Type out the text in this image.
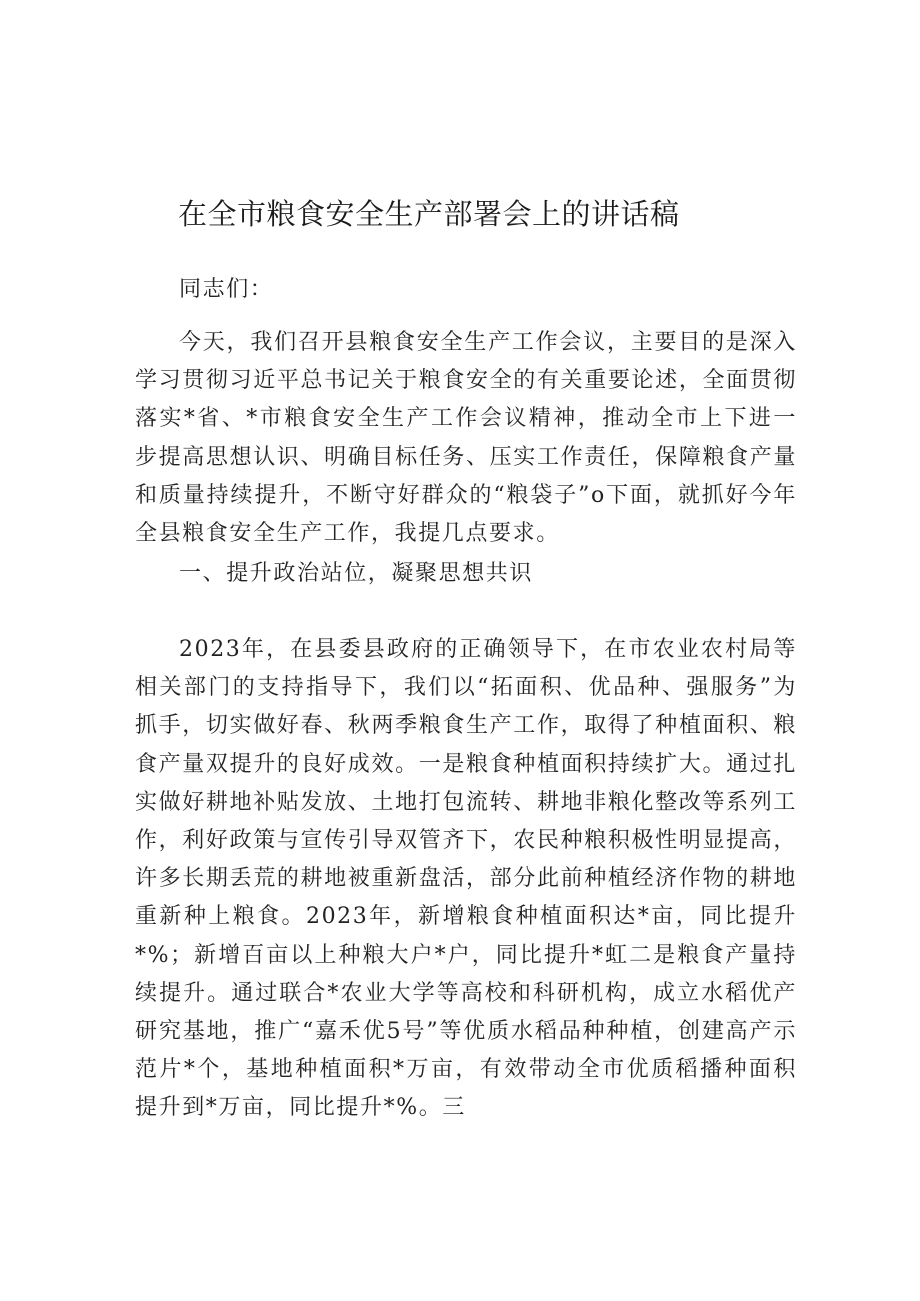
在全市粮食安全生产部署会上的讲话稿

同志们：

今天，我们召开县粮食安全生产工作会议，主要目的是深入学习贯彻习近平总书记关于粮食安全的有关重要论述，全面贯彻落实*省、*市粮食安全生产工作会议精神，推动全市上下进一步提高思想认识、明确目标任务、压实工作责任，保障粮食产量和质量持续提升，不断守好群众的“粮袋子”o下面，就抓好今年全县粮食安全生产工作，我提几点要求。

一、提升政治站位，凝聚思想共识

2023年，在县委县政府的正确领导下，在市农业农村局等相关部门的支持指导下，我们以“拓面积、优品种、强服务”为抓手，切实做好春、秋两季粮食生产工作，取得了种植面积、粮食产量双提升的良好成效。一是粮食种植面积持续扩大。通过扎实做好耕地补贴发放、土地打包流转、耕地非粮化整改等系列工作，利好政策与宣传引导双管齐下，农民种粮积极性明显提高，许多长期丢荒的耕地被重新盘活，部分此前种植经济作物的耕地重新种上粮食。2023年，新增粮食种植面积达*亩，同比提升*%；新增百亩以上种粮大户*户，同比提升*虹二是粮食产量持续提升。通过联合*农业大学等高校和科研机构，成立水稻优产研究基地，推广“嘉禾优5号”等优质水稻品种种植，创建高产示范片*个，基地种植面积*万亩，有效带动全市优质稻播种面积提升到*万亩，同比提升*%。三
